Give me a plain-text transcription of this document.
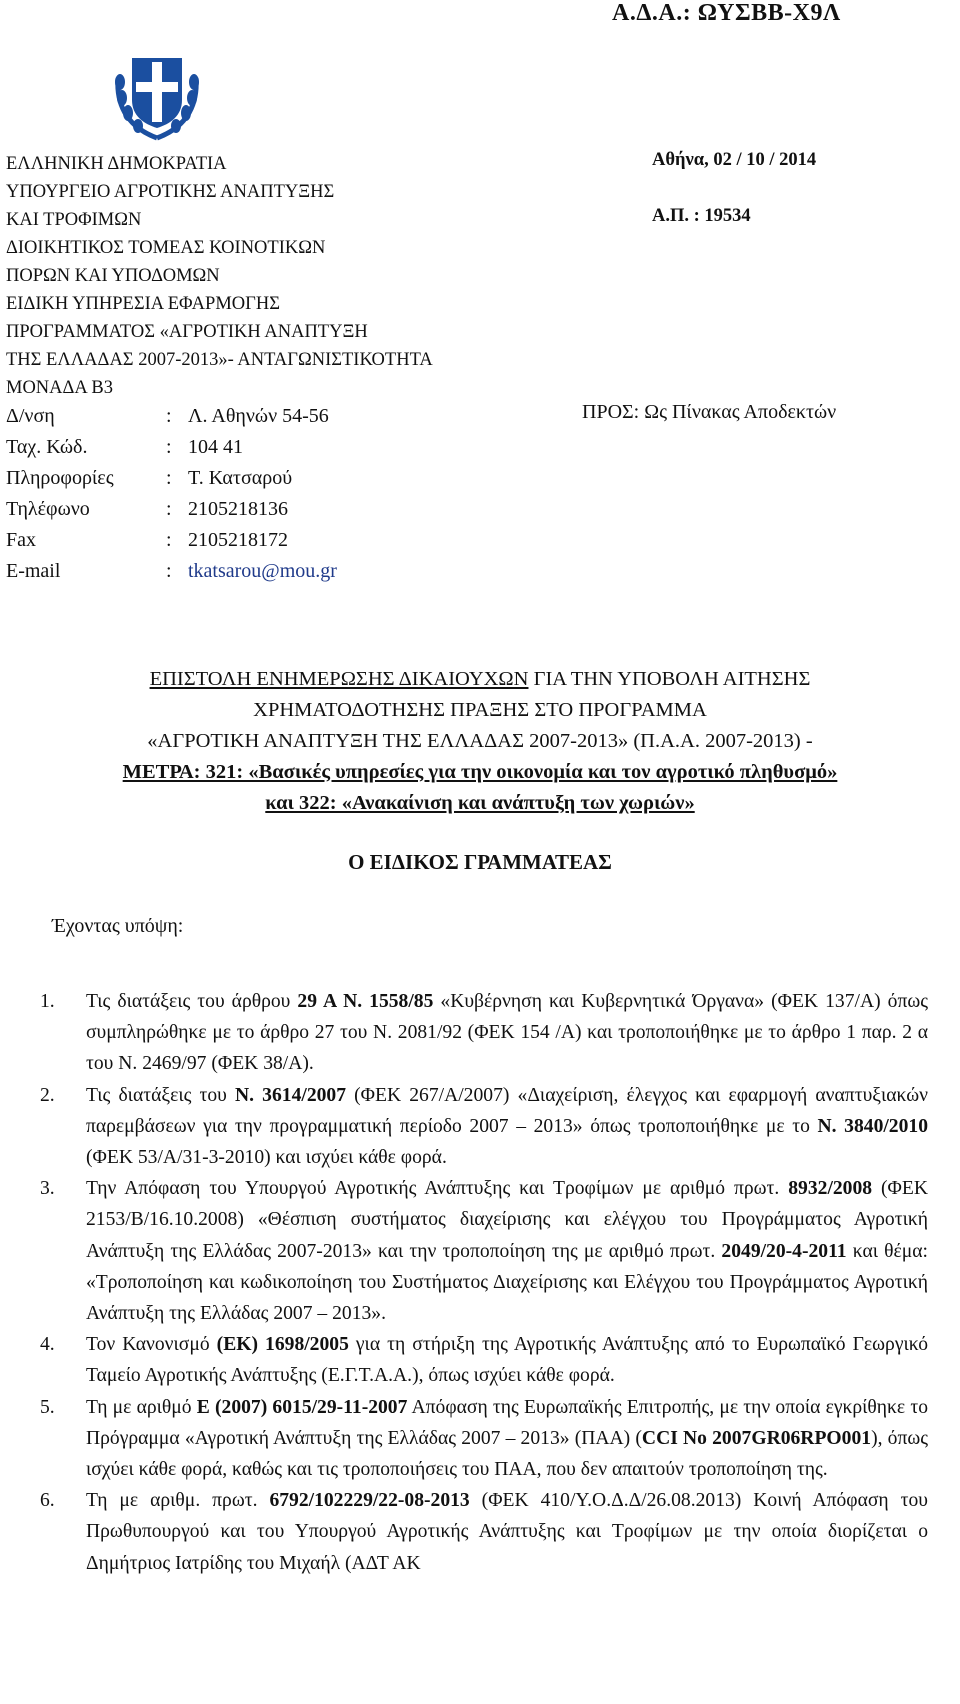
Α.Δ.Α.: ΩΥΣΒΒ-Χ9Λ
ΕΛΛΗΝΙΚΗ ΔΗΜΟΚΡΑΤΙΑ
ΥΠΟΥΡΓΕΙΟ ΑΓΡΟΤΙΚΗΣ ΑΝΑΠΤΥΞΗΣ
ΚΑΙ ΤΡΟΦΙΜΩΝ
ΔΙΟΙΚΗΤΙΚΟΣ ΤΟΜΕΑΣ ΚΟΙΝΟΤΙΚΩΝ
ΠΟΡΩΝ ΚΑΙ ΥΠΟΔΟΜΩΝ
ΕΙΔΙΚΗ ΥΠΗΡΕΣΙΑ ΕΦΑΡΜΟΓΗΣ
ΠΡΟΓΡΑΜΜΑΤΟΣ «ΑΓΡΟΤΙΚΗ ΑΝΑΠΤΥΞΗ
ΤΗΣ ΕΛΛΑΔΑΣ 2007-2013»- ΑΝΤΑΓΩΝΙΣΤΙΚΟΤΗΤΑ
ΜΟΝΑΔΑ Β3
Αθήνα, 02 / 10 / 2014
Α.Π. : 19534
Δ/νση	: Λ. Αθηνών 54-56
Ταχ. Κώδ.	: 104 41
Πληροφορίες	: Τ. Κατσαρού
Τηλέφωνο	: 2105218136
Fax	: 2105218172
E-mail	: tkatsarou@mou.gr
ΠΡΟΣ: Ως Πίνακας Αποδεκτών
ΕΠΙΣΤΟΛΗ ΕΝΗΜΕΡΩΣΗΣ ΔΙΚΑΙΟΥΧΩΝ ΓΙΑ ΤΗΝ ΥΠΟΒΟΛΗ ΑΙΤΗΣΗΣ
ΧΡΗΜΑΤΟΔΟΤΗΣΗΣ ΠΡΑΞΗΣ ΣΤΟ ΠΡΟΓΡΑΜΜΑ
«ΑΓΡΟΤΙΚΗ ΑΝΑΠΤΥΞΗ ΤΗΣ ΕΛΛΑΔΑΣ 2007-2013» (Π.Α.Α. 2007-2013) -
ΜΕΤΡΑ: 321: «Βασικές υπηρεσίες για την οικονομία και τον αγροτικό πληθυσμό»
και 322: «Ανακαίνιση και ανάπτυξη των χωριών»
Ο ΕΙΔΙΚΟΣ ΓΡΑΜΜΑΤΕΑΣ
Έχοντας υπόψη:
1.	Τις διατάξεις του άρθρου 29 Α Ν. 1558/85 «Κυβέρνηση και Κυβερνητικά Όργανα» (ΦΕΚ 137/Α) όπως συμπληρώθηκε με το άρθρο 27 του Ν. 2081/92 (ΦΕΚ 154 /Α) και τροποποιήθηκε με το άρθρο 1 παρ. 2 α του Ν. 2469/97 (ΦΕΚ 38/Α).
2.	Τις διατάξεις του Ν. 3614/2007 (ΦΕΚ 267/Α/2007) «Διαχείριση, έλεγχος και εφαρμογή αναπτυξιακών παρεμβάσεων για την προγραμματική περίοδο 2007 – 2013» όπως τροποποιήθηκε με το Ν. 3840/2010 (ΦΕΚ 53/Α/31-3-2010) και ισχύει κάθε φορά.
3.	Την Απόφαση του Υπουργού Αγροτικής Ανάπτυξης και Τροφίμων με αριθμό πρωτ. 8932/2008 (ΦΕΚ 2153/Β/16.10.2008) «Θέσπιση συστήματος διαχείρισης και ελέγχου του Προγράμματος Αγροτική Ανάπτυξη της Ελλάδας 2007-2013» και την τροποποίηση της με αριθμό πρωτ. 2049/20-4-2011 και θέμα: «Τροποποίηση και κωδικοποίηση του Συστήματος Διαχείρισης και Ελέγχου του Προγράμματος Αγροτική Ανάπτυξη της Ελλάδας 2007 – 2013».
4.	Τον Κανονισμό (ΕΚ) 1698/2005 για τη στήριξη της Αγροτικής Ανάπτυξης από το Ευρωπαϊκό Γεωργικό Ταμείο Αγροτικής Ανάπτυξης (Ε.Γ.Τ.Α.Α.), όπως ισχύει κάθε φορά.
5.	Τη με αριθμό Ε (2007) 6015/29-11-2007 Απόφαση της Ευρωπαϊκής Επιτροπής, με την οποία εγκρίθηκε το Πρόγραμμα «Αγροτική Ανάπτυξη της Ελλάδας 2007 – 2013» (ΠΑΑ) (CCI No 2007GR06RPO001), όπως ισχύει κάθε φορά, καθώς και τις τροποποιήσεις του ΠΑΑ, που δεν απαιτούν τροποποίηση της.
6.	Τη με αριθμ. πρωτ. 6792/102229/22-08-2013 (ΦΕΚ 410/Υ.Ο.Δ.Δ/26.08.2013) Κοινή Απόφαση του Πρωθυπουργού και του Υπουργού Αγροτικής Ανάπτυξης και Τροφίμων με την οποία διορίζεται ο Δημήτριος Ιατρίδης του Μιχαήλ (ΑΔΤ ΑΚ
